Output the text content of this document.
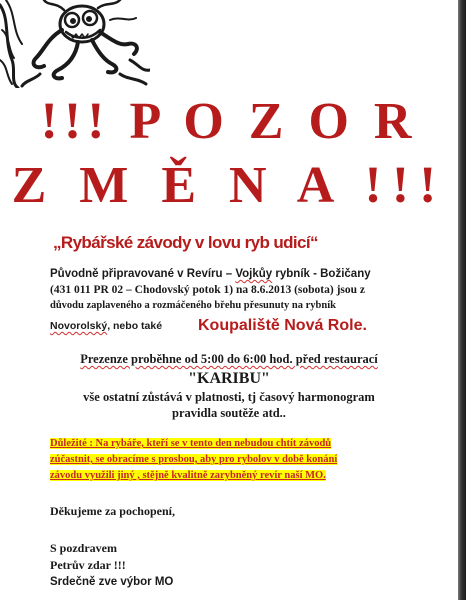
!!! P O Z O R
Z M Ě N A !!!
„Rybářské závody v lovu ryb udicí“

Původně připravované v Revíru – Vojkůy rybník - Božičany

(431 011 PR 02 – Chodovský potok 1) na 8.6.2013 (sobota) jsou z

důvodu zaplaveného a rozmáčeného břehu přesunuty na rybník

Novorolský, nebo také	Koupaliště Nová Role.

Prezenze proběhne od 5:00 do 6:00 hod. před restaurací

"KARIBU"

vše ostatní zůstává v platnosti, tj časový harmonogram

pravidla soutěže atd..

Důležité : Na rybáře, kteří se v tento den nebudou chtít závodů

zúčastnit, se obracíme s prosbou, aby pro rybolov v době konání

závodu využili jiný , stějně kvalitně zarybněný revír naší MO.

Děkujeme za pochopení,

S pozdravem

Petrův zdar !!!

Srdečně zve výbor MO
